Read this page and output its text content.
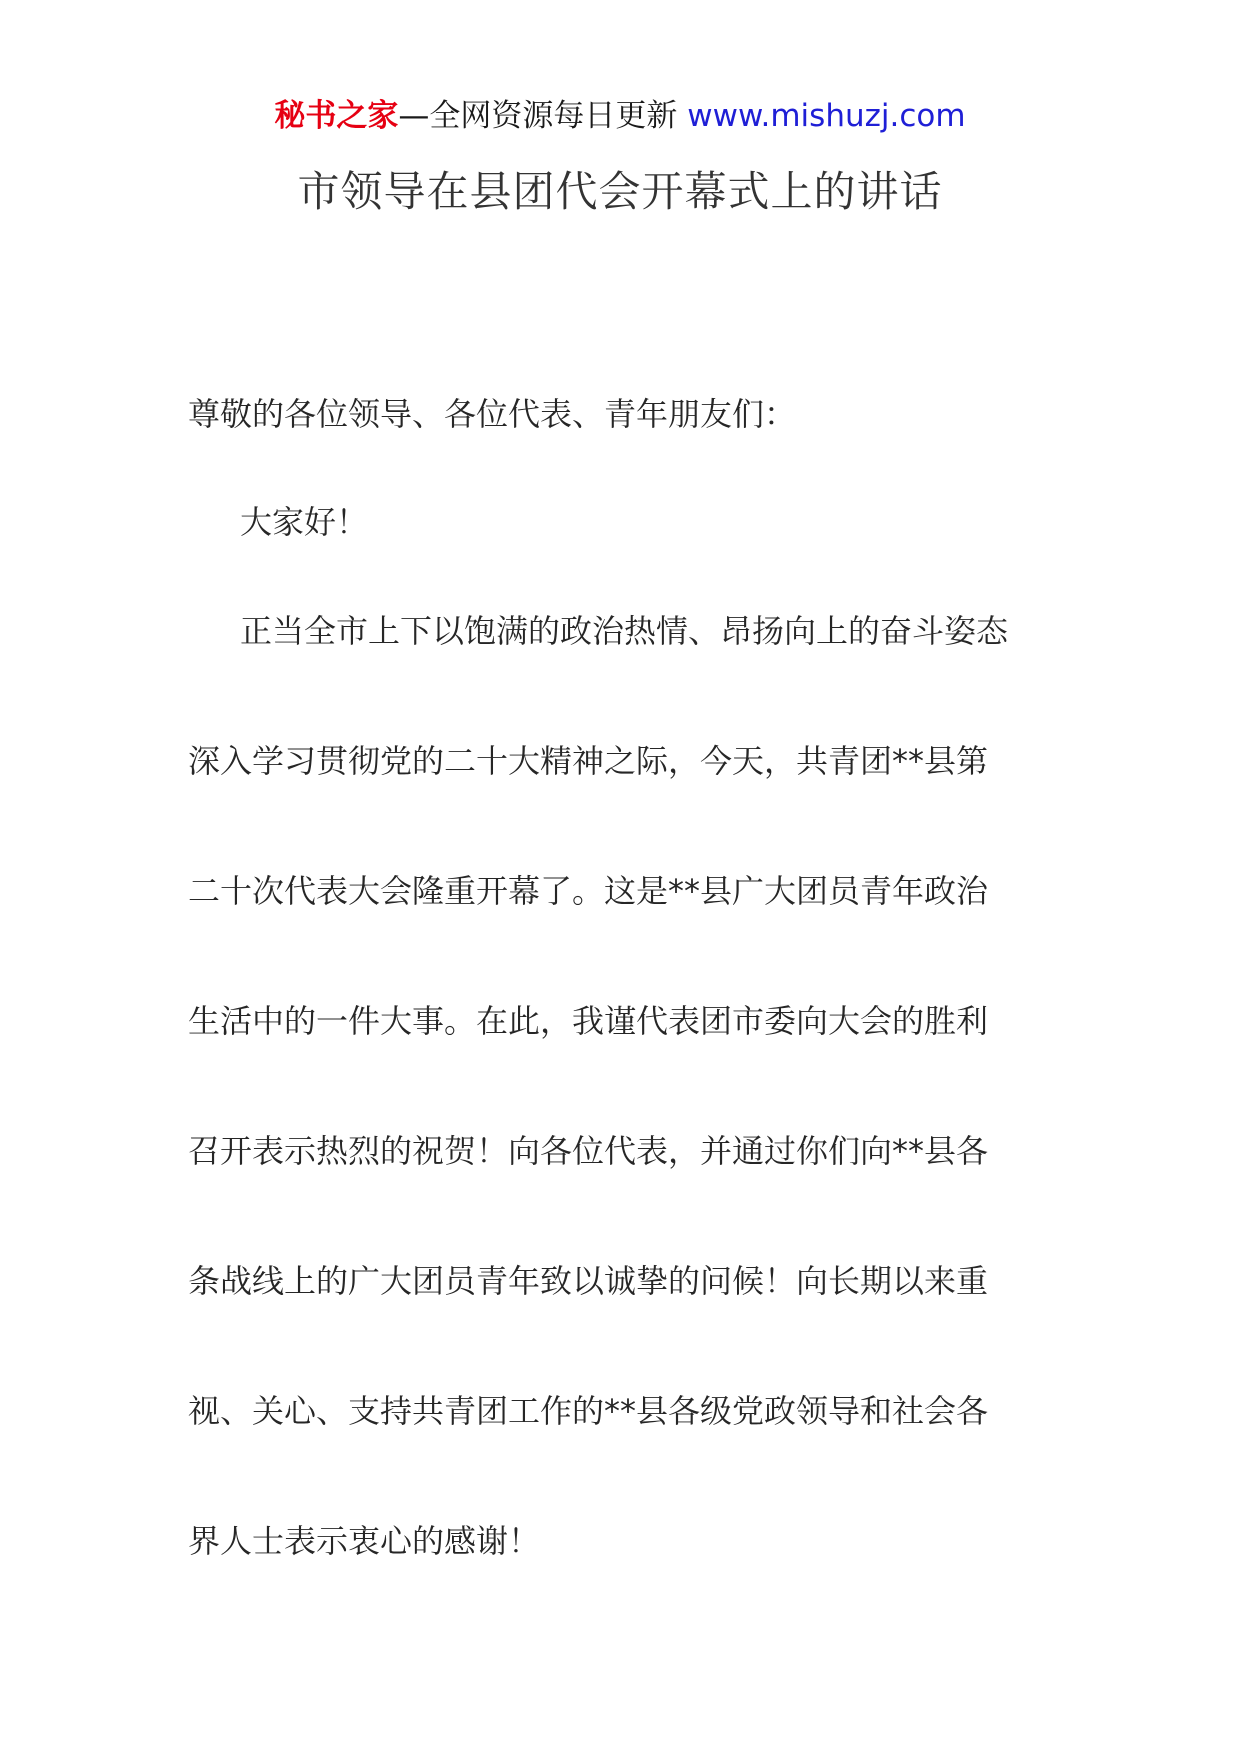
秘书之家—全网资源每日更新 www.mishuzj.com
市领导在县团代会开幕式上的讲话

尊敬的各位领导、各位代表、青年朋友们：

大家好！

正当全市上下以饱满的政治热情、昂扬向上的奋斗姿态

深入学习贯彻党的二十大精神之际，今天，共青团**县第

二十次代表大会隆重开幕了。这是**县广大团员青年政治

生活中的一件大事。在此，我谨代表团市委向大会的胜利

召开表示热烈的祝贺！向各位代表，并通过你们向**县各

条战线上的广大团员青年致以诚挚的问候！向长期以来重

视、关心、支持共青团工作的**县各级党政领导和社会各

界人士表示衷心的感谢！
